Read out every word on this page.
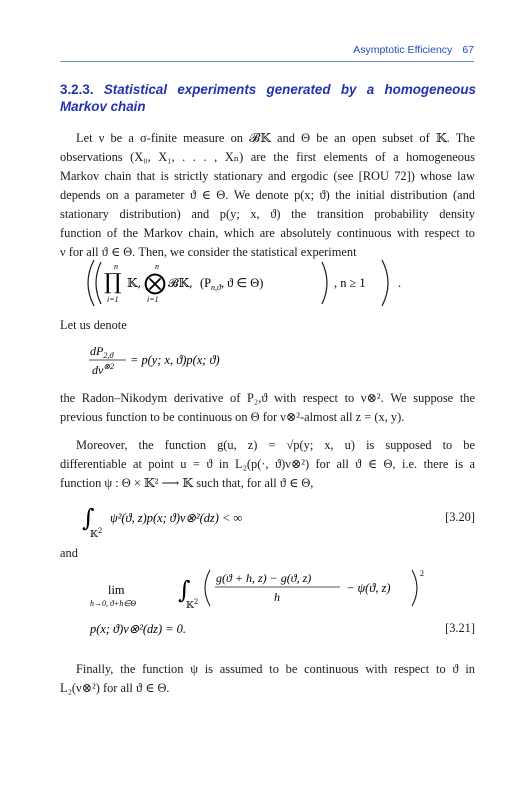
Asymptotic Efficiency 67
3.2.3. Statistical experiments generated by a homogeneous Markov chain
Let ν be a σ-finite measure on 𝓑𝕂 and Θ be an open subset of 𝕂. The
observations (X₀, X₁, . . . , Xₙ) are the first elements of a homogeneous
Markov chain that is strictly stationary and ergodic (see [ROU 72]) whose law
depends on a parameter ϑ ∈ Θ. We denote p(x; ϑ) the initial distribution (and
stationary distribution) and p(y; x, ϑ) the transition probability density
function of the Markov chain, which are absolutely continuous with respect to
ν for all ϑ ∈ Θ. Then, we consider the statistical experiment
n
∏
i=1
𝕂,
n
⨂
i=1
𝓑𝕂, ($P_{n,ϑ}$, ϑ ∈ Θ)	, n ≥ 1	.
Let us denote
$dP_{2,ϑ}$
$d\nu^{\otimes 2} = p(y$; x, ϑ)p(x; ϑ)
the Radon–Nikodym derivative of P₂,ϑ with respect to ν⊗². We suppose the
previous function to be continuous on Θ for ν⊗²-almost all z = (x, y).
Moreover, the function g(u, z) = √p(y; x, u) is supposed to be
differentiable at point u = ϑ in L₂(p(·, ϑ)ν⊗²) for all ϑ ∈ Θ, i.e. there is a
function ψ : Θ × 𝕂² ⟶ 𝕂 such that, for all ϑ ∈ Θ,
∫
𝕂$^2$
ψ²(ϑ, z)p(x; ϑ)ν⊗²(dz) < ∞	[3.20]
and
lim
h→0, ϑ+h∈Θ ∫
𝕂$^2$
g(ϑ + h, z) − g(ϑ, z)
h
− ψ(ϑ, z)
2
p(x; ϑ)ν⊗²(dz) = 0.	[3.21]
Finally, the function ψ is assumed to be continuous with respect to ϑ in
L₂(ν⊗²) for all ϑ ∈ Θ.
